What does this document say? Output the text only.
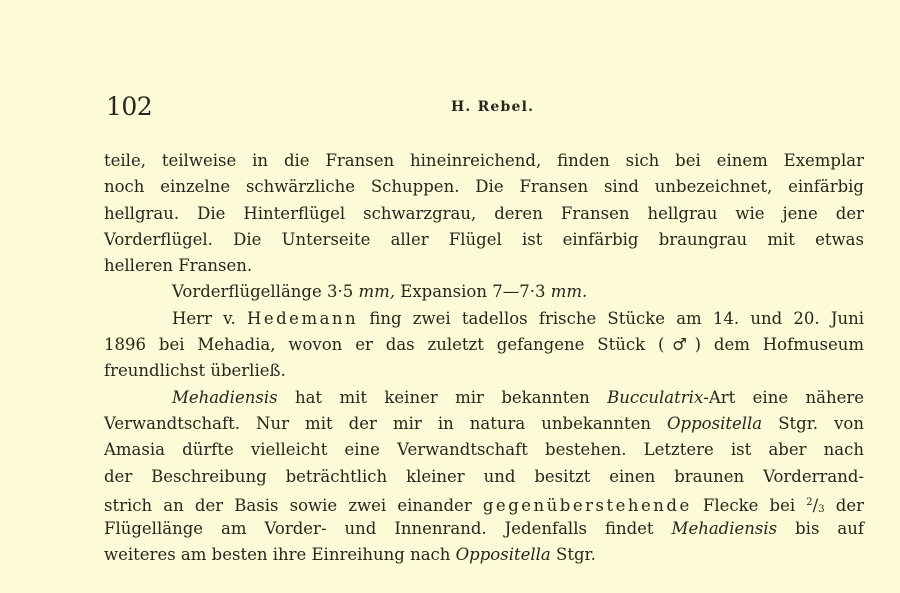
102	H. Rebel.
teile, teilweise in die Fransen hineinreichend, finden sich bei einem Exemplar
noch einzelne schwärzliche Schuppen. Die Fransen sind unbezeichnet, einfärbig
hellgrau. Die Hinterflügel schwarzgrau, deren Fransen hellgrau wie jene der
Vorderflügel. Die Unterseite aller Flügel ist einfärbig braungrau mit etwas
helleren Fransen.
Vorderflügellänge 3·5 mm, Expansion 7—7·3 mm.
Herr v. Hedemann fing zwei tadellos frische Stücke am 14. und 20. Juni
1896 bei Mehadia, wovon er das zuletzt gefangene Stück (♂) dem Hofmuseum
freundlichst überließ.
Mehadiensis hat mit keiner mir bekannten Bucculatrix-Art eine nähere
Verwandtschaft. Nur mit der mir in natura unbekannten Oppositella Stgr. von
Amasia dürfte vielleicht eine Verwandtschaft bestehen. Letztere ist aber nach
der Beschreibung beträchtlich kleiner und besitzt einen braunen Vorderrand-
strich an der Basis sowie zwei einander gegenüberstehende Flecke bei $^2/_3$ der
Flügellänge am Vorder- und Innenrand. Jedenfalls findet Mehadiensis bis auf
weiteres am besten ihre Einreihung nach Oppositella Stgr.
